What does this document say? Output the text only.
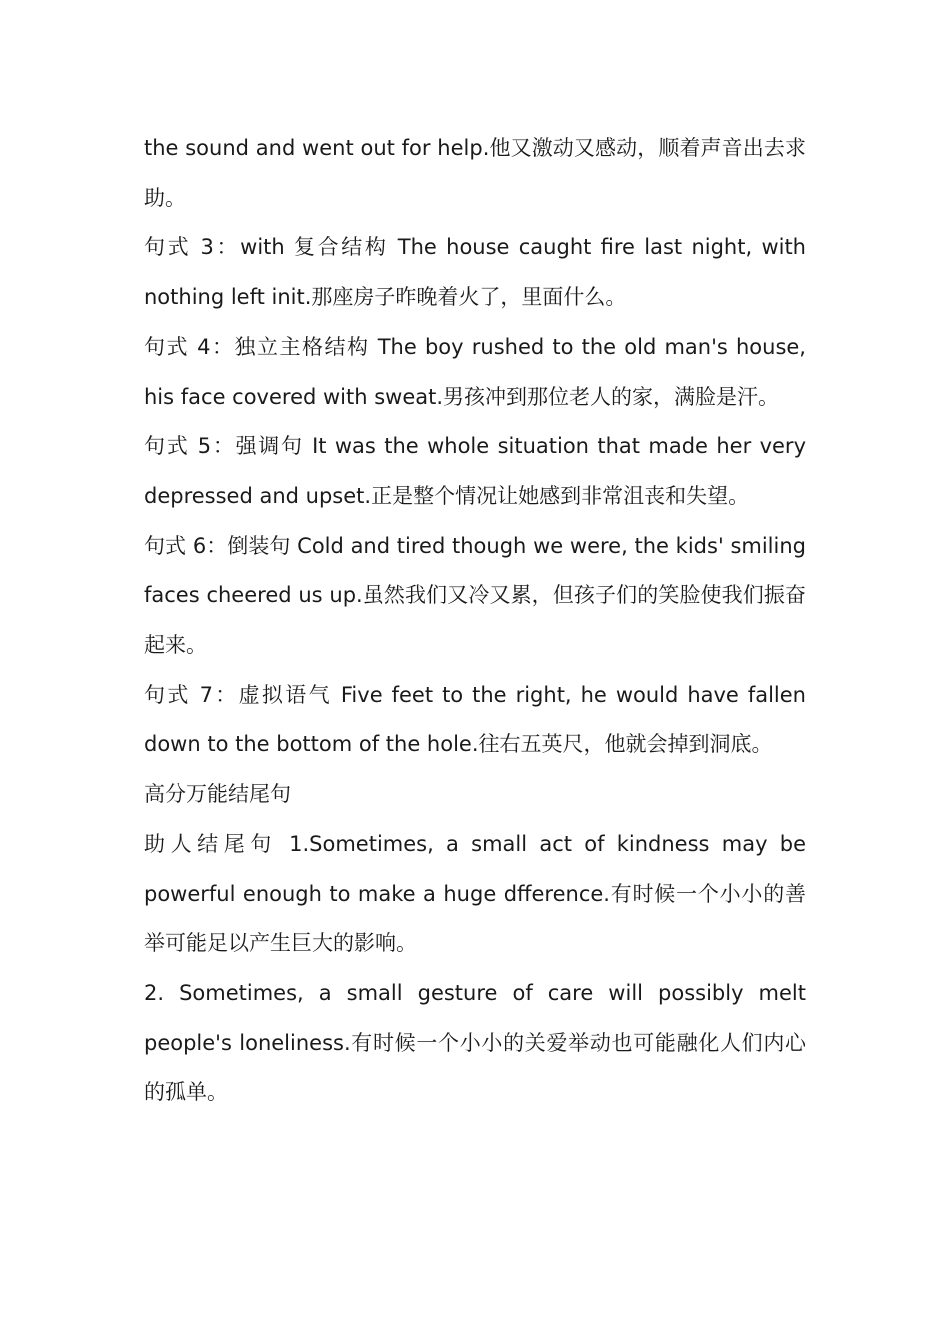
the sound and went out for help.他又激动又感动，顺着声音出去求助。

句式 3：with 复合结构 The house caught fire last night, with nothing left init.那座房子昨晚着火了，里面什么。

句式 4：独立主格结构 The boy rushed to the old man's house, his face covered with sweat.男孩冲到那位老人的家，满脸是汗。

句式 5：强调句 It was the whole situation that made her very depressed and upset.正是整个情况让她感到非常沮丧和失望。

句式 6：倒装句 Cold and tired though we were, the kids' smiling faces cheered us up.虽然我们又冷又累，但孩子们的笑脸使我们振奋起来。

句式 7：虚拟语气 Five feet to the right, he would have fallen down to the bottom of the hole.往右五英尺，他就会掉到洞底。

高分万能结尾句

助人结尾句 1.Sometimes, a small act of kindness may be powerful enough to make a huge dfference.有时候一个小小的善举可能足以产生巨大的影响。

2. Sometimes, a small gesture of care will possibly melt people's loneliness.有时候一个小小的关爱举动也可能融化人们内心的孤单。
